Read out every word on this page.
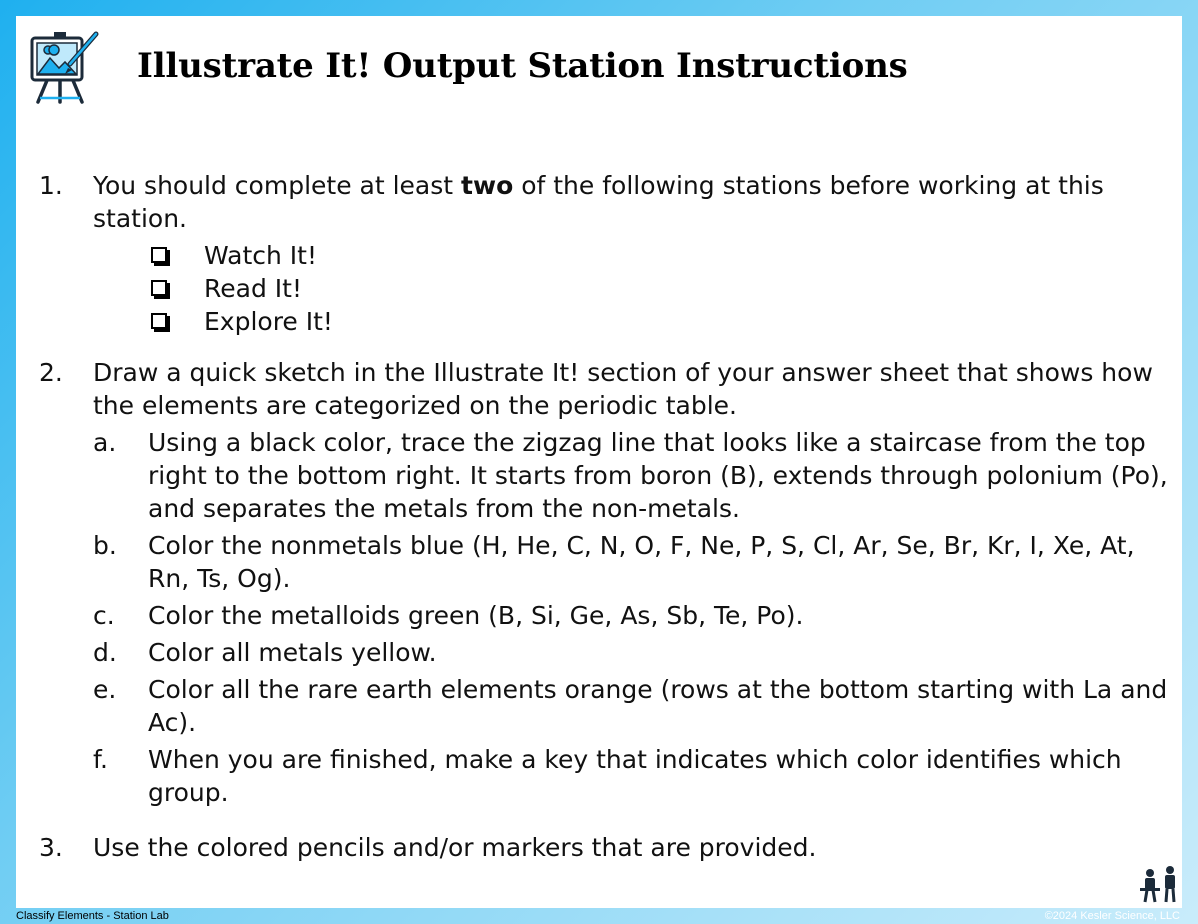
Illustrate It! Output Station Instructions
1. You should complete at least two of the following stations before working at this station.
Watch It!
Read It!
Explore It!
2. Draw a quick sketch in the Illustrate It! section of your answer sheet that shows how the elements are categorized on the periodic table.
a. Using a black color, trace the zigzag line that looks like a staircase from the top right to the bottom right. It starts from boron (B), extends through polonium (Po), and separates the metals from the non-metals.
b. Color the nonmetals blue (H, He, C, N, O, F, Ne, P, S, Cl, Ar, Se, Br, Kr, I, Xe, At, Rn, Ts, Og).
c. Color the metalloids green (B, Si, Ge, As, Sb, Te, Po).
d. Color all metals yellow.
e. Color all the rare earth elements orange (rows at the bottom starting with La and Ac).
f. When you are finished, make a key that indicates which color identifies which group.
3. Use the colored pencils and/or markers that are provided.
Classify Elements - Station Lab	©2024 Kesler Science, LLC
